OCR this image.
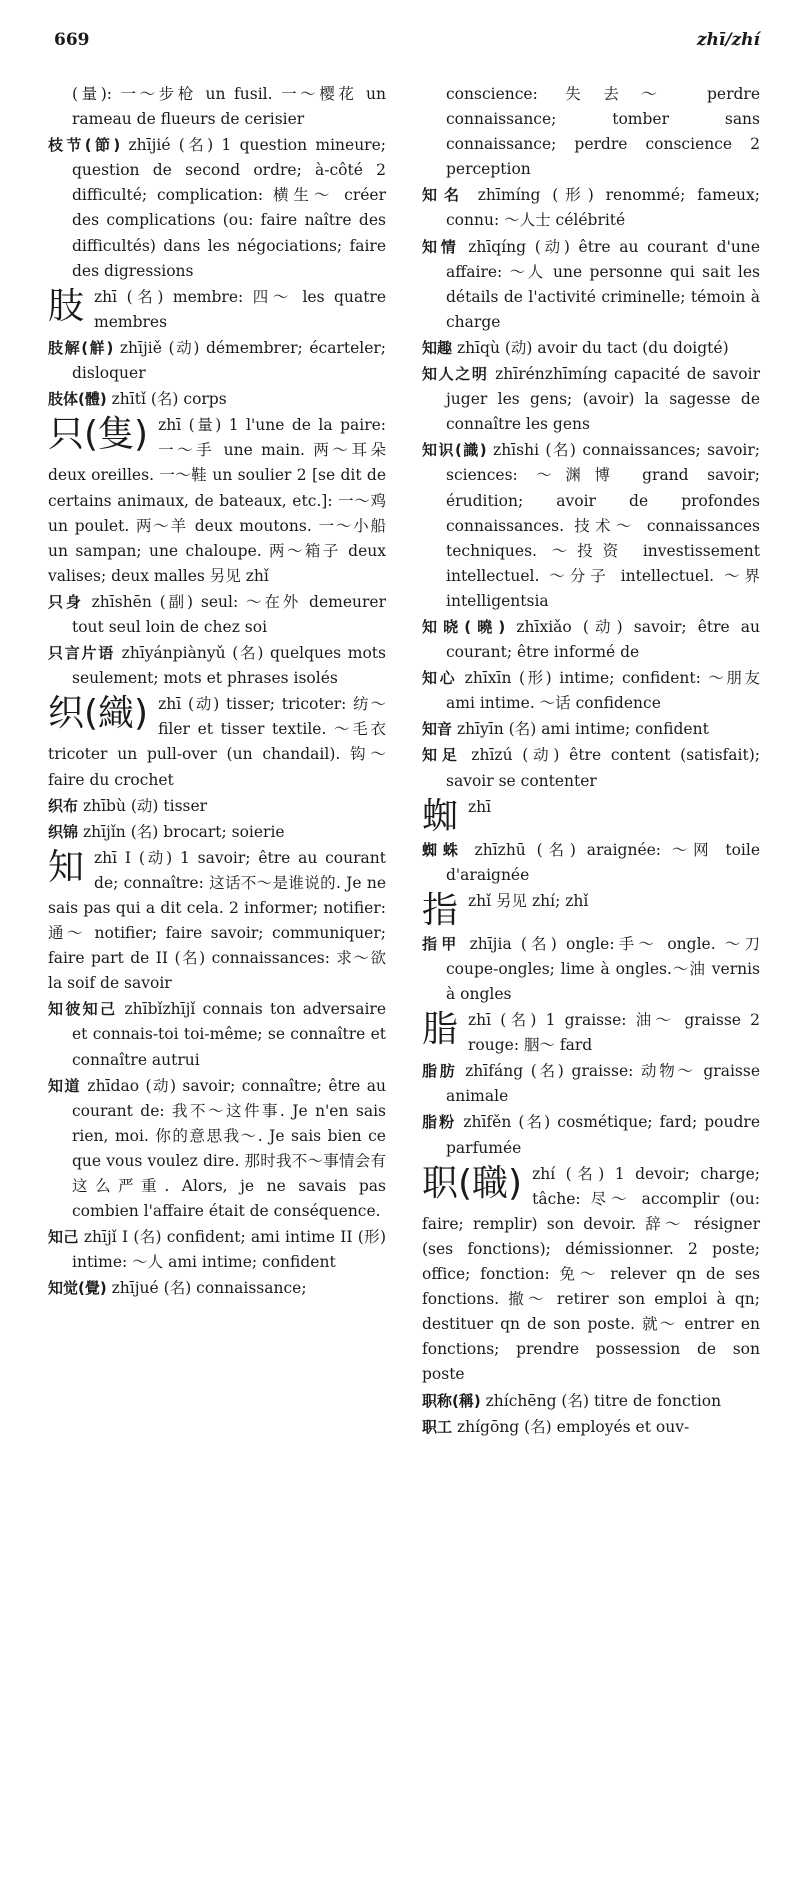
669	zhī/zhí
(量): 一～步枪 un fusil. 一～樱花 un rameau de flueurs de cerisier
枝节(節) zhījié (名) 1 question mineure; question de second ordre; à-côté 2 difficulté; complication: 横生～ créer des complications (ou: faire naître des difficultés) dans les négociations; faire des digressions
肢 zhī (名) membre: 四～ les quatre membres
肢解(觧) zhījiě (动) démembrer; écarteler; disloquer
肢体(體) zhītǐ (名) corps
只(隻) zhī (量) 1 l'une de la paire: 一～手 une main. 两～耳朵 deux oreilles. 一～鞋 un soulier 2 [se dit de certains animaux, de bateaux, etc.]: 一～鸡 un poulet. 两～羊 deux moutons. 一～小船 un sampan; une chaloupe. 两～箱子 deux valises; deux malles 另见 zhǐ
只身 zhīshēn (副) seul: ～在外 demeurer tout seul loin de chez soi
只言片语 zhīyánpiànyǔ (名) quelques mots seulement; mots et phrases isolés
织(織) zhī (动) tisser; tricoter: 纺～ filer et tisser textile. ～毛衣 tricoter un pull-over (un chandail). 钩～ faire du crochet
织布 zhībù (动) tisser
织锦 zhījǐn (名) brocart; soierie
知 zhī I (动) 1 savoir; être au courant de; connaître: 这话不～是谁说的. Je ne sais pas qui a dit cela. 2 informer; notifier: 通～ notifier; faire savoir; communiquer; faire part de II (名) connaissances: 求～欲 la soif de savoir
知彼知己 zhībǐzhījǐ connais ton adversaire et connais-toi toi-même; se connaître et connaître autrui
知道 zhīdao (动) savoir; connaître; être au courant de: 我不～这件事. Je n'en sais rien, moi. 你的意思我～. Je sais bien ce que vous voulez dire. 那时我不～事情会有这么严重. Alors, je ne savais pas combien l'affaire était de conséquence.
知己 zhījǐ I (名) confident; ami intime II (形) intime: ～人 ami intime; confident
知觉(覺) zhījué (名) connaissance;
conscience: 失去～ perdre connaissance; tomber sans connaissance; perdre conscience 2 perception
知名 zhīmíng (形) renommé; fameux; connu: ～人士 célébrité
知情 zhīqíng (动) être au courant d'une affaire: ～人 une personne qui sait les détails de l'activité criminelle; témoin à charge
知趣 zhīqù (动) avoir du tact (du doigté)
知人之明 zhīrénzhīmíng capacité de savoir juger les gens; (avoir) la sagesse de connaître les gens
知识(識) zhīshi (名) connaissances; savoir; sciences: ～渊博 grand savoir; érudition; avoir de profondes connaissances. 技术～ connaissances techniques. ～投资 investissement intellectuel. ～分子 intellectuel. ～界 intelligentsia
知晓(曉) zhīxiǎo (动) savoir; être au courant; être informé de
知心 zhīxīn (形) intime; confident: ～朋友 ami intime. ～话 confidence
知音 zhīyīn (名) ami intime; confident
知足 zhīzú (动) être content (satisfait); savoir se contenter
蜘 zhī
蜘蛛 zhīzhū (名) araignée: ～网 toile d'araignée
指 zhǐ 另见 zhí; zhǐ
指甲 zhījia (名) ongle:手～ ongle. ～刀 coupe-ongles; lime à ongles.～油 vernis à ongles
脂 zhī (名) 1 graisse: 油～ graisse 2 rouge: 胭～ fard
脂肪 zhīfáng (名) graisse: 动物～ graisse animale
脂粉 zhīfěn (名) cosmétique; fard; poudre parfumée
职(職) zhí (名) 1 devoir; charge; tâche: 尽～ accomplir (ou: faire; remplir) son devoir. 辞～ résigner (ses fonctions); démissionner. 2 poste; office; fonction: 免～ relever qn de ses fonctions. 撤～ retirer son emploi à qn; destituer qn de son poste. 就～ entrer en fonctions; prendre possession de son poste
职称(稱) zhíchēng (名) titre de fonction
职工 zhígōng (名) employés et ouv-
